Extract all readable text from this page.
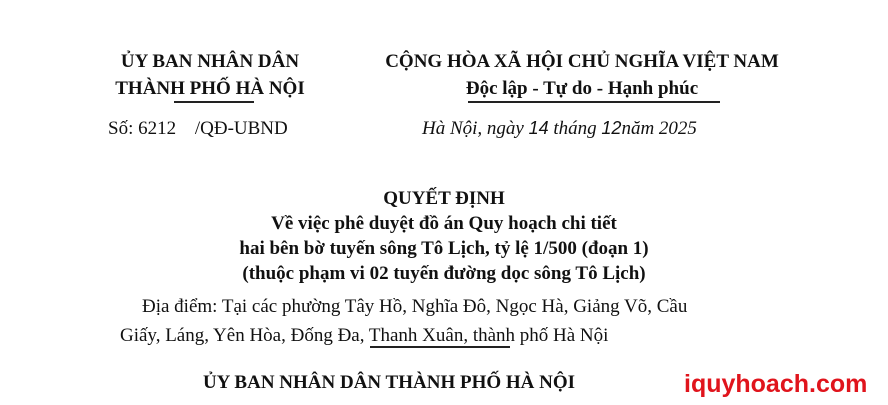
ỦY BAN NHÂN DÂN
THÀNH PHỐ HÀ NỘI
CỘNG HÒA XÃ HỘI CHỦ NGHĨA VIỆT NAM
Độc lập - Tự do - Hạnh phúc
Số: 6212 /QĐ-UBND	Hà Nội, ngày 14 tháng 12năm 2025
QUYẾT ĐỊNH
Về việc phê duyệt đồ án Quy hoạch chi tiết
hai bên bờ tuyến sông Tô Lịch, tỷ lệ 1/500 (đoạn 1)
(thuộc phạm vi 02 tuyến đường dọc sông Tô Lịch)
Địa điểm: Tại các phường Tây Hồ, Nghĩa Đô, Ngọc Hà, Giảng Võ, Cầu
Giấy, Láng, Yên Hòa, Đống Đa, Thanh Xuân, thành phố Hà Nội
ỦY BAN NHÂN DÂN THÀNH PHỐ HÀ NỘI	iquyhoach.com
